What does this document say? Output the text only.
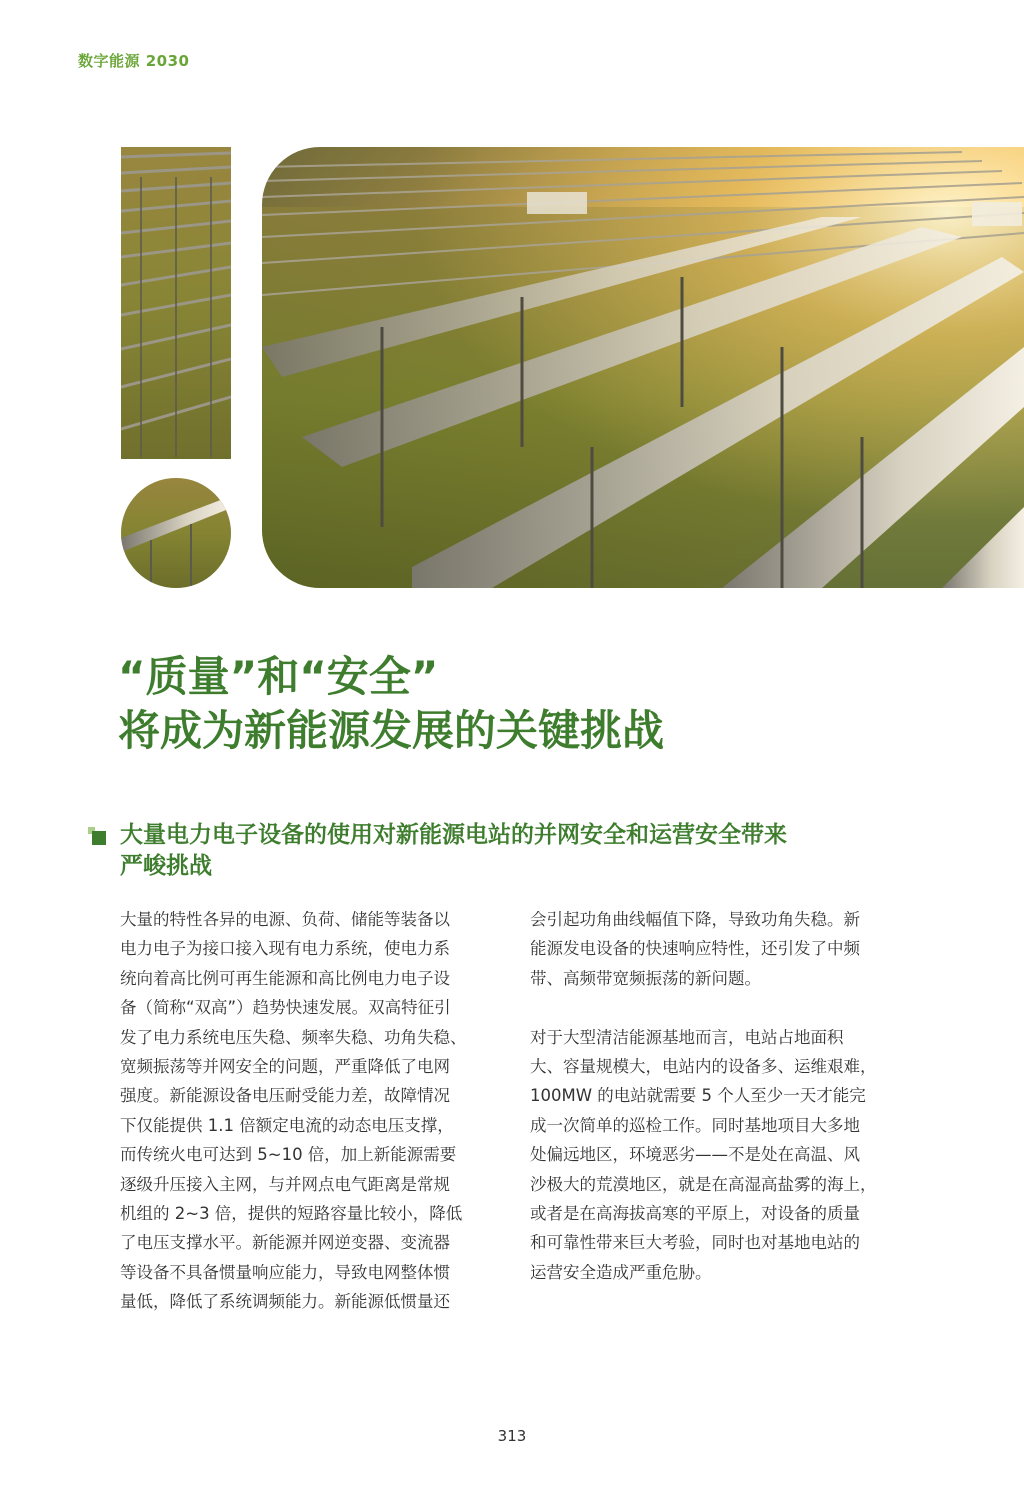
数字能源 2030
“质量”和“安全”
将成为新能源发展的关键挑战
大量电力电子设备的使用对新能源电站的并网安全和运营安全带来
严峻挑战

大量的特性各异的电源、负荷、储能等装备以
电力电子为接口接入现有电力系统，使电力系
统向着高比例可再生能源和高比例电力电子设
备（简称“双高”）趋势快速发展。双高特征引
发了电力系统电压失稳、频率失稳、功角失稳、
宽频振荡等并网安全的问题，严重降低了电网
强度。新能源设备电压耐受能力差，故障情况
下仅能提供 1.1 倍额定电流的动态电压支撑，
而传统火电可达到 5~10 倍，加上新能源需要
逐级升压接入主网，与并网点电气距离是常规
机组的 2~3 倍，提供的短路容量比较小，降低
了电压支撑水平。新能源并网逆变器、变流器
等设备不具备惯量响应能力，导致电网整体惯
量低，降低了系统调频能力。新能源低惯量还

会引起功角曲线幅值下降，导致功角失稳。新
能源发电设备的快速响应特性，还引发了中频
带、高频带宽频振荡的新问题。

对于大型清洁能源基地而言，电站占地面积
大、容量规模大，电站内的设备多、运维艰难，
100MW 的电站就需要 5 个人至少一天才能完
成一次简单的巡检工作。同时基地项目大多地
处偏远地区，环境恶劣——不是处在高温、风
沙极大的荒漠地区，就是在高湿高盐雾的海上，
或者是在高海拔高寒的平原上，对设备的质量
和可靠性带来巨大考验，同时也对基地电站的
运营安全造成严重危胁。

313
